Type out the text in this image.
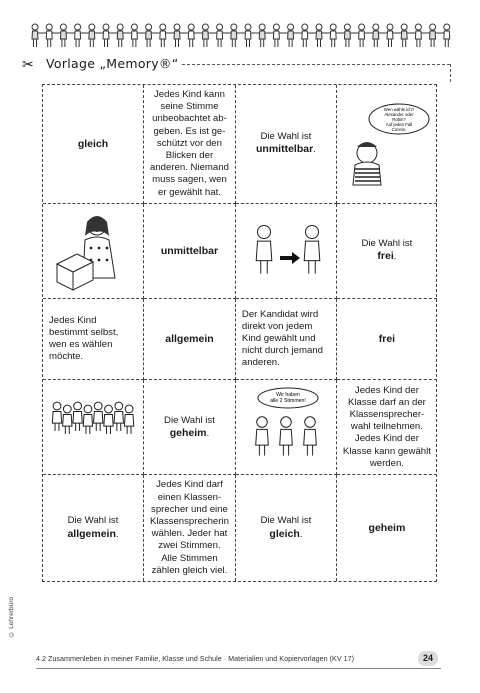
✂ Vorlage „Memory®“
gleich
Jedes Kind kann seine Stimme unbeobachtet ab-geben. Es ist ge-schützt vor den Blicken der anderen. Niemand muss sagen, wen er gewählt hat.
Die Wahl ist
unmittelbar.
Wen wähle ich?
Alexander oder
Robin?
Auf jeden Fall
Connin.
unmittelbar
Die Wahl ist
frei.
Jedes Kind bestimmt selbst, wen es wählen möchte.
allgemein
Der Kandidat wird direkt von jedem Kind gewählt und nicht durch jemand anderen.
frei
Die Wahl ist
geheim.
Wir haben
alle 2 Stimmen!
Jedes Kind der Klasse darf an der Klassensprecher-wahl teilnehmen. Jedes Kind der Klasse kann gewählt werden.
Die Wahl ist
allgemein.
Jedes Kind darf einen Klassen-sprecher und eine Klassensprecherin wählen. Jeder hat zwei Stimmen. Alle Stimmen zählen gleich viel.
Die Wahl ist
gleich.
geheim
© Lehrerbüro
4.2 Zusammenleben in meiner Familie, Klasse und Schule · Materialien und Kopiervorlagen (KV 17)	24
